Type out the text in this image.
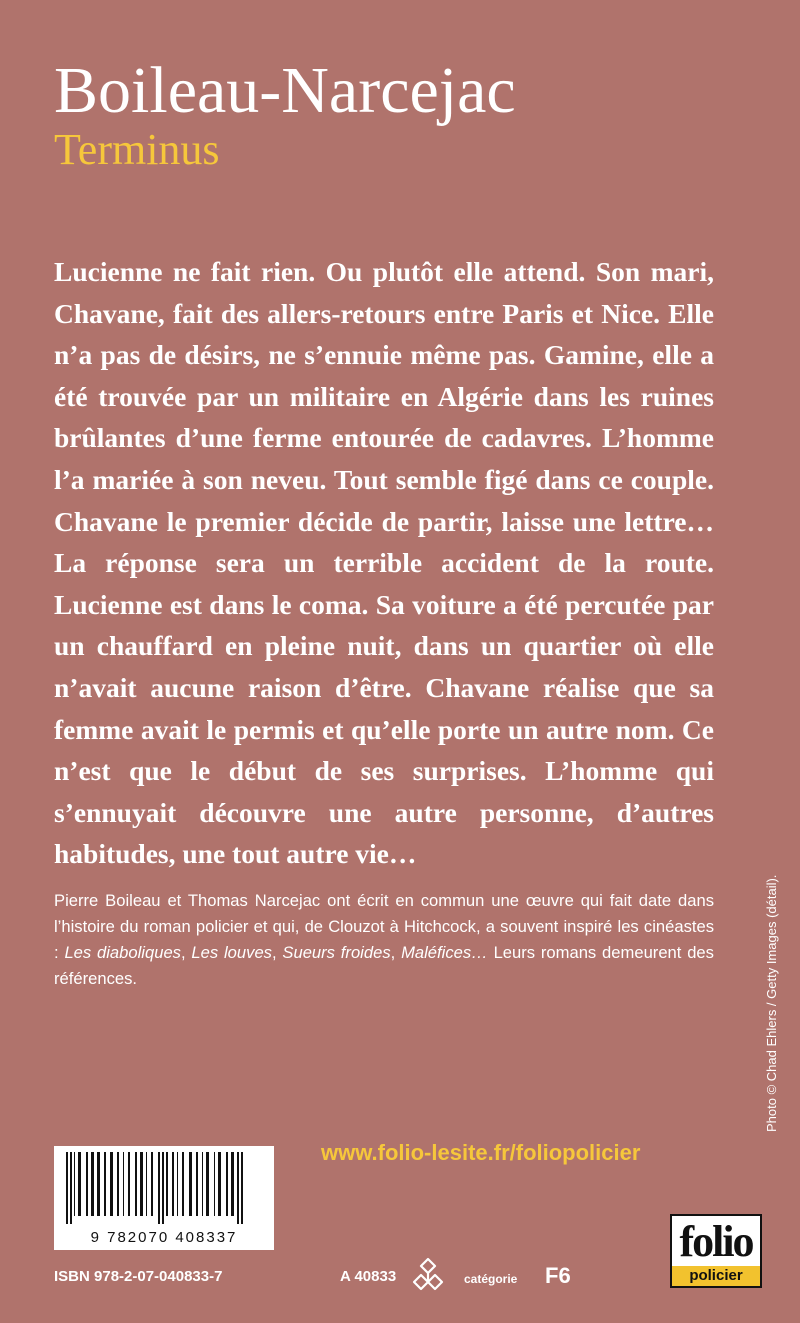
Boileau-Narcejac
Terminus

Lucienne ne fait rien. Ou plutôt elle attend. Son mari, Chavane, fait des allers-retours entre Paris et Nice. Elle n’a pas de désirs, ne s’ennuie même pas. Gamine, elle a été trouvée par un militaire en Algérie dans les ruines brûlantes d’une ferme entourée de cadavres. L’homme l’a mariée à son neveu. Tout semble figé dans ce couple. Chavane le premier décide de partir, laisse une lettre… La réponse sera un terrible accident de la route. Lucienne est dans le coma. Sa voiture a été percutée par un chauffard en pleine nuit, dans un quartier où elle n’avait aucune raison d’être. Chavane réalise que sa femme avait le permis et qu’elle porte un autre nom. Ce n’est que le début de ses surprises. L’homme qui s’ennuyait découvre une autre personne, d’autres habitudes, une tout autre vie…

Pierre Boileau et Thomas Narcejac ont écrit en commun une œuvre qui fait date dans l’histoire du roman policier et qui, de Clouzot à Hitchcock, a souvent inspiré les cinéastes : Les diaboliques, Les louves, Sueurs froides, Maléfices… Leurs romans demeurent des références.	Photo © Chad Ehlers / Getty Images (détail).
www.folio-lesite.fr/foliopolicier
9 782070 408337
ISBN 978-2-07-040833-7	A 40833	catégorie F6
folio
policier
